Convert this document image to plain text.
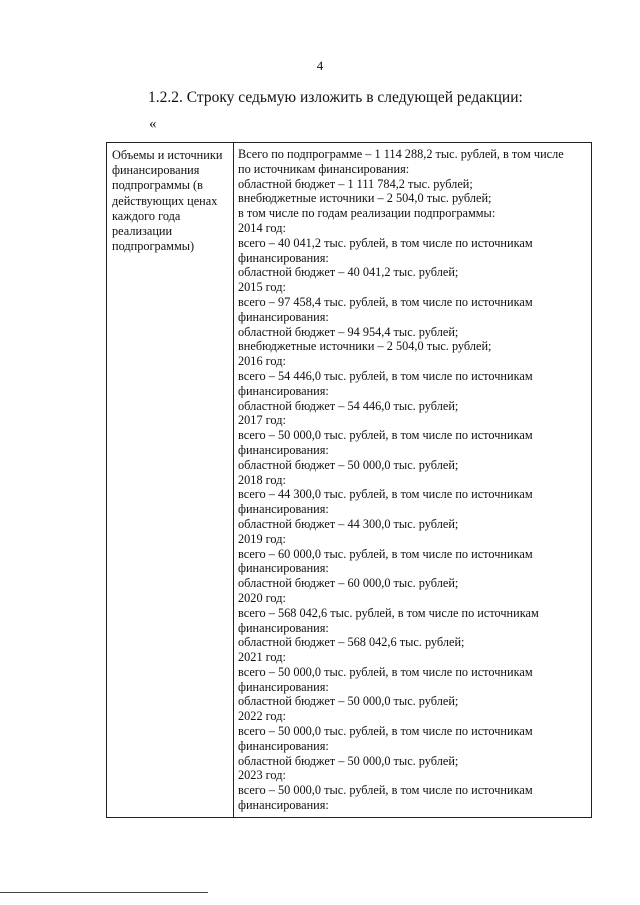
4
1.2.2. Строку седьмую изложить в следующей редакции:
«
Объемы и источники
финансирования
подпрограммы (в
действующих ценах
каждого года
реализации
подпрограммы)
Всего по подпрограмме – 1 114 288,2 тыс. рублей, в том числе
по источникам финансирования:
областной бюджет – 1 111 784,2 тыс. рублей;
внебюджетные источники – 2 504,0 тыс. рублей;
в том числе по годам реализации подпрограммы:
2014 год:
всего – 40 041,2 тыс. рублей, в том числе по источникам
финансирования:
областной бюджет – 40 041,2 тыс. рублей;
2015 год:
всего – 97 458,4 тыс. рублей, в том числе по источникам
финансирования:
областной бюджет – 94 954,4 тыс. рублей;
внебюджетные источники – 2 504,0 тыс. рублей;
2016 год:
всего – 54 446,0 тыс. рублей, в том числе по источникам
финансирования:
областной бюджет – 54 446,0 тыс. рублей;
2017 год:
всего – 50 000,0 тыс. рублей, в том числе по источникам
финансирования:
областной бюджет – 50 000,0 тыс. рублей;
2018 год:
всего – 44 300,0 тыс. рублей, в том числе по источникам
финансирования:
областной бюджет – 44 300,0 тыс. рублей;
2019 год:
всего – 60 000,0 тыс. рублей, в том числе по источникам
финансирования:
областной бюджет – 60 000,0 тыс. рублей;
2020 год:
всего – 568 042,6 тыс. рублей, в том числе по источникам
финансирования:
областной бюджет – 568 042,6 тыс. рублей;
2021 год:
всего – 50 000,0 тыс. рублей, в том числе по источникам
финансирования:
областной бюджет – 50 000,0 тыс. рублей;
2022 год:
всего – 50 000,0 тыс. рублей, в том числе по источникам
финансирования:
областной бюджет – 50 000,0 тыс. рублей;
2023 год:
всего – 50 000,0 тыс. рублей, в том числе по источникам
финансирования:
